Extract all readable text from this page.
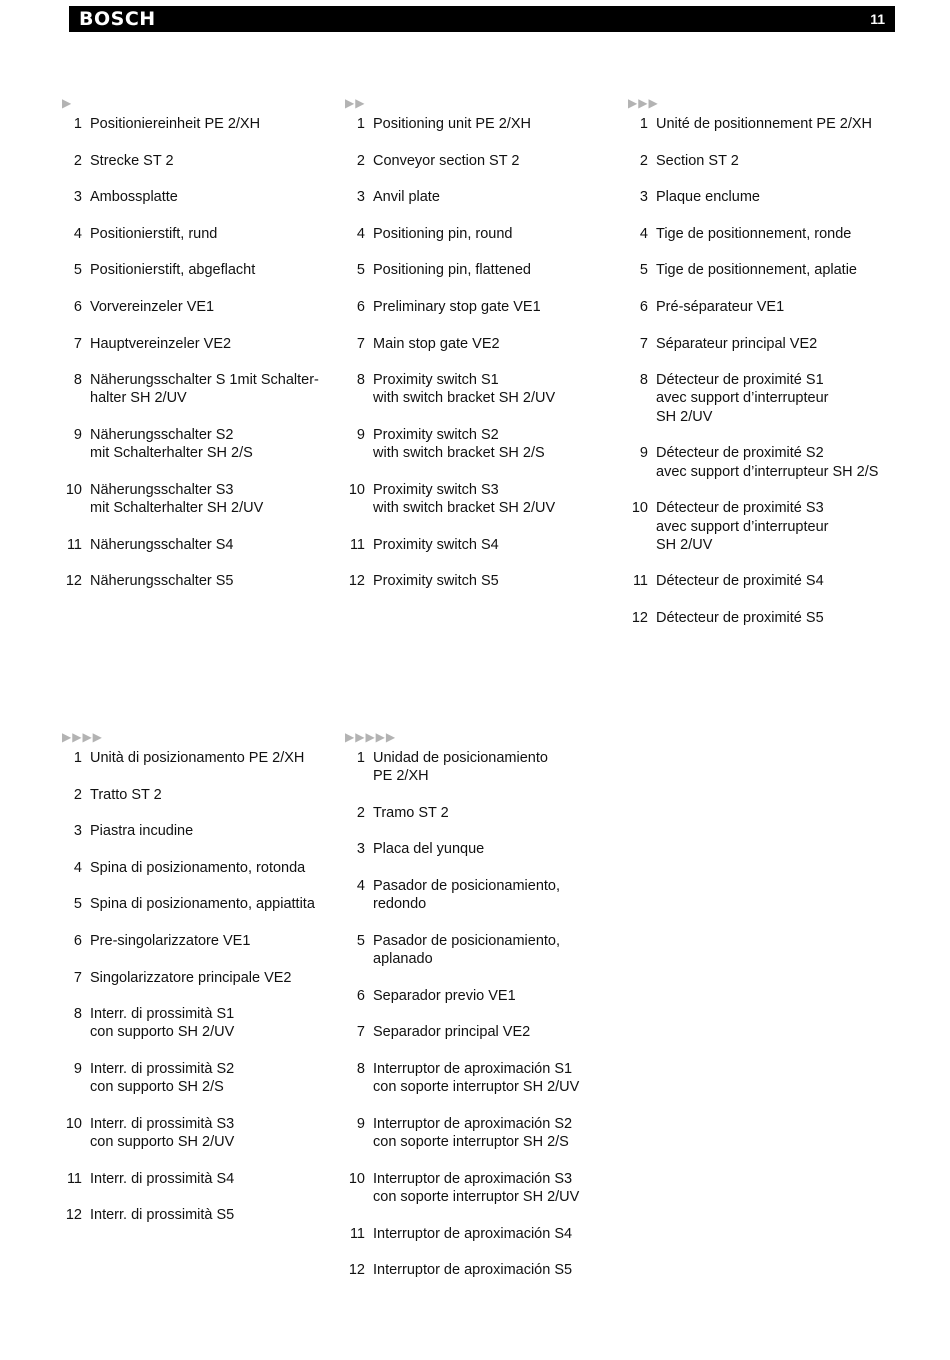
BOSCH	11
▶
1 Positioniereinheit PE 2/XH
2 Strecke ST 2
3 Ambossplatte
4 Positionierstift, rund
5 Positionierstift, abgeflacht
6 Vorvereinzeler VE1
7 Hauptvereinzeler VE2
8 Näherungsschalter S 1mit Schalter-
halter SH 2/UV
9 Näherungsschalter S2
mit Schalterhalter SH 2/S
10 Näherungsschalter S3
mit Schalterhalter SH 2/UV
11 Näherungsschalter S4
12 Näherungsschalter S5
▶▶
1 Positioning unit PE 2/XH
2 Conveyor section ST 2
3 Anvil plate
4 Positioning pin, round
5 Positioning pin, flattened
6 Preliminary stop gate VE1
7 Main stop gate VE2
8 Proximity switch S1
with switch bracket SH 2/UV
9 Proximity switch S2
with switch bracket SH 2/S
10 Proximity switch S3
with switch bracket SH 2/UV
11 Proximity switch S4
12 Proximity switch S5
▶▶▶
1 Unité de positionnement PE 2/XH
2 Section ST 2
3 Plaque enclume
4 Tige de positionnement, ronde
5 Tige de positionnement, aplatie
6 Pré-séparateur VE1
7 Séparateur principal VE2
8 Détecteur de proximité S1
avec support d’interrupteur
SH 2/UV
9 Détecteur de proximité S2
avec support d’interrupteur SH 2/S
10 Détecteur de proximité S3
avec support d’interrupteur
SH 2/UV
11 Détecteur de proximité S4
12 Détecteur de proximité S5
▶▶▶▶
1 Unità di posizionamento PE 2/XH
2 Tratto ST 2
3 Piastra incudine
4 Spina di posizionamento, rotonda
5 Spina di posizionamento, appiattita
6 Pre-singolarizzatore VE1
7 Singolarizzatore principale VE2
8 Interr. di prossimità S1
con supporto SH 2/UV
9 Interr. di prossimità S2
con supporto SH 2/S
10 Interr. di prossimità S3
con supporto SH 2/UV
11 Interr. di prossimità S4
12 Interr. di prossimità S5
▶▶▶▶▶
1 Unidad de posicionamiento
PE 2/XH
2 Tramo ST 2
3 Placa del yunque
4 Pasador de posicionamiento,
redondo
5 Pasador de posicionamiento,
aplanado
6 Separador previo VE1
7 Separador principal VE2
8 Interruptor de aproximación S1
con soporte interruptor SH 2/UV
9 Interruptor de aproximación S2
con soporte interruptor SH 2/S
10 Interruptor de aproximación S3
con soporte interruptor SH 2/UV
11 Interruptor de aproximación S4
12 Interruptor de aproximación S5
